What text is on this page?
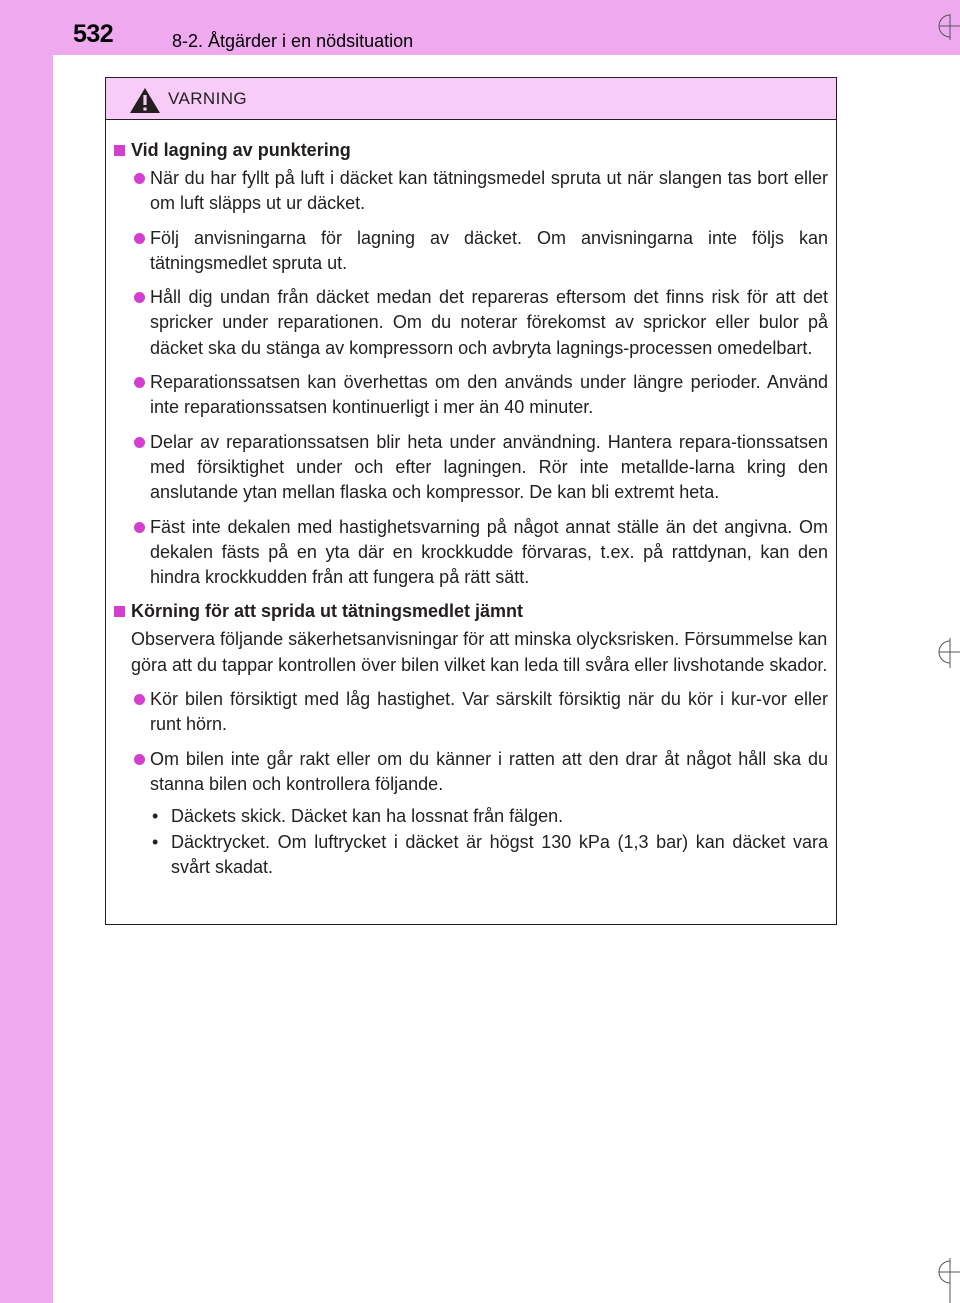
532	8-2. Åtgärder i en nödsituation
VARNING
Vid lagning av punktering
När du har fyllt på luft i däcket kan tätningsmedel spruta ut när slangen tas bort eller om luft släpps ut ur däcket.
Följ anvisningarna för lagning av däcket. Om anvisningarna inte följs kan tätningsmedlet spruta ut.
Håll dig undan från däcket medan det repareras eftersom det finns risk för att det spricker under reparationen. Om du noterar förekomst av sprickor eller bulor på däcket ska du stänga av kompressorn och avbryta lagnings-processen omedelbart.
Reparationssatsen kan överhettas om den används under längre perioder. Använd inte reparationssatsen kontinuerligt i mer än 40 minuter.
Delar av reparationssatsen blir heta under användning. Hantera repara-tionssatsen med försiktighet under och efter lagningen. Rör inte metallde-larna kring den anslutande ytan mellan flaska och kompressor. De kan bli extremt heta.
Fäst inte dekalen med hastighetsvarning på något annat ställe än det angivna. Om dekalen fästs på en yta där en krockkudde förvaras, t.ex. på rattdynan, kan den hindra krockkudden från att fungera på rätt sätt.
Körning för att sprida ut tätningsmedlet jämnt
Observera följande säkerhetsanvisningar för att minska olycksrisken. Försummelse kan göra att du tappar kontrollen över bilen vilket kan leda till svåra eller livshotande skador.
Kör bilen försiktigt med låg hastighet. Var särskilt försiktig när du kör i kur-vor eller runt hörn.
Om bilen inte går rakt eller om du känner i ratten att den drar åt något håll ska du stanna bilen och kontrollera följande.
• Däckets skick. Däcket kan ha lossnat från fälgen.
• Däcktrycket. Om luftrycket i däcket är högst 130 kPa (1,3 bar) kan däcket vara svårt skadat.
